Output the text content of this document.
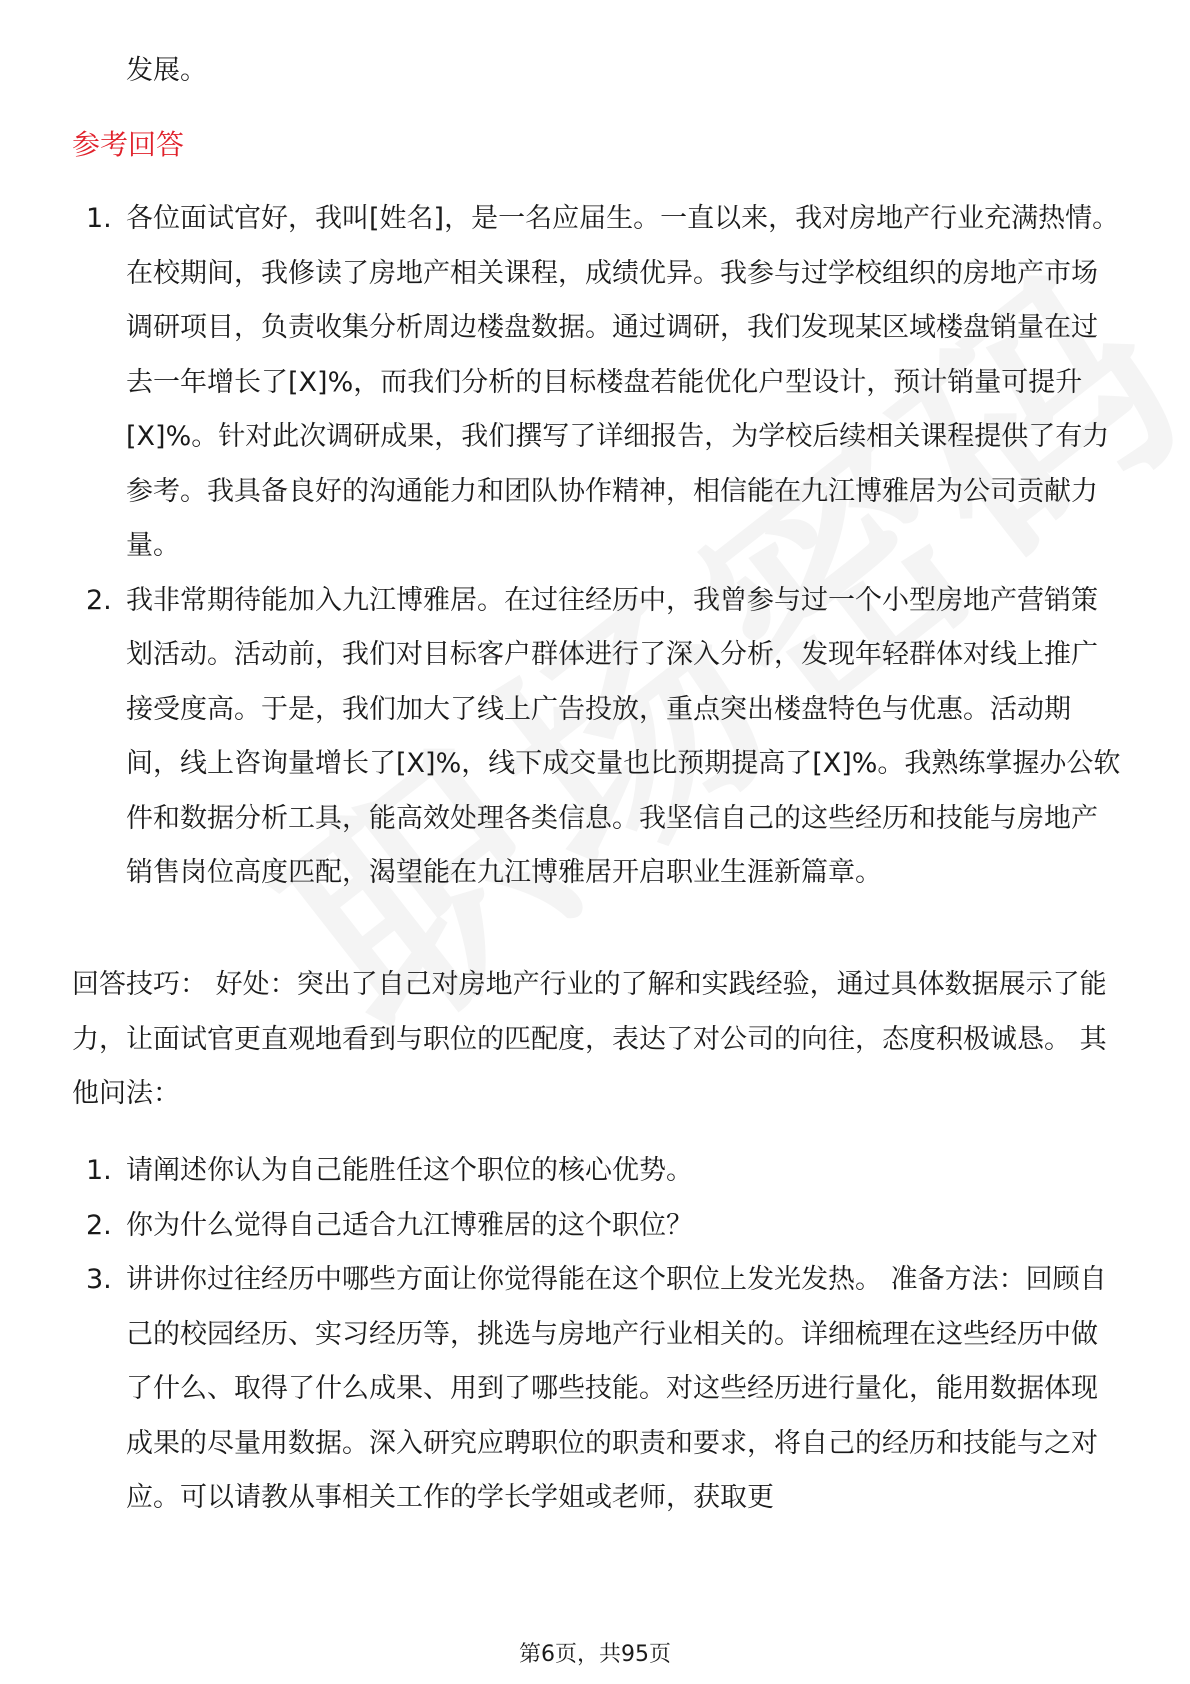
发展。
参考回答
1. 各位面试官好，我叫[姓名]，是一名应届生。一直以来，我对房地产行业充满热情。在校期间，我修读了房地产相关课程，成绩优异。我参与过学校组织的房地产市场调研项目，负责收集分析周边楼盘数据。通过调研，我们发现某区域楼盘销量在过去一年增长了[X]%，而我们分析的目标楼盘若能优化户型设计，预计销量可提升[X]%。针对此次调研成果，我们撰写了详细报告，为学校后续相关课程提供了有力参考。我具备良好的沟通能力和团队协作精神，相信能在九江博雅居为公司贡献力量。
2. 我非常期待能加入九江博雅居。在过往经历中，我曾参与过一个小型房地产营销策划活动。活动前，我们对目标客户群体进行了深入分析，发现年轻群体对线上推广接受度高。于是，我们加大了线上广告投放，重点突出楼盘特色与优惠。活动期间，线上咨询量增长了[X]%，线下成交量也比预期提高了[X]%。我熟练掌握办公软件和数据分析工具，能高效处理各类信息。我坚信自己的这些经历和技能与房地产销售岗位高度匹配，渴望能在九江博雅居开启职业生涯新篇章。
回答技巧： 好处：突出了自己对房地产行业的了解和实践经验，通过具体数据展示了能力，让面试官更直观地看到与职位的匹配度，表达了对公司的向往，态度积极诚恳。 其他问法：
1. 请阐述你认为自己能胜任这个职位的核心优势。
2. 你为什么觉得自己适合九江博雅居的这个职位？
3. 讲讲你过往经历中哪些方面让你觉得能在这个职位上发光发热。 准备方法：回顾自己的校园经历、实习经历等，挑选与房地产行业相关的。详细梳理在这些经历中做了什么、取得了什么成果、用到了哪些技能。对这些经历进行量化，能用数据体现成果的尽量用数据。深入研究应聘职位的职责和要求，将自己的经历和技能与之对应。可以请教从事相关工作的学长学姐或老师，获取更
第6页，共95页
